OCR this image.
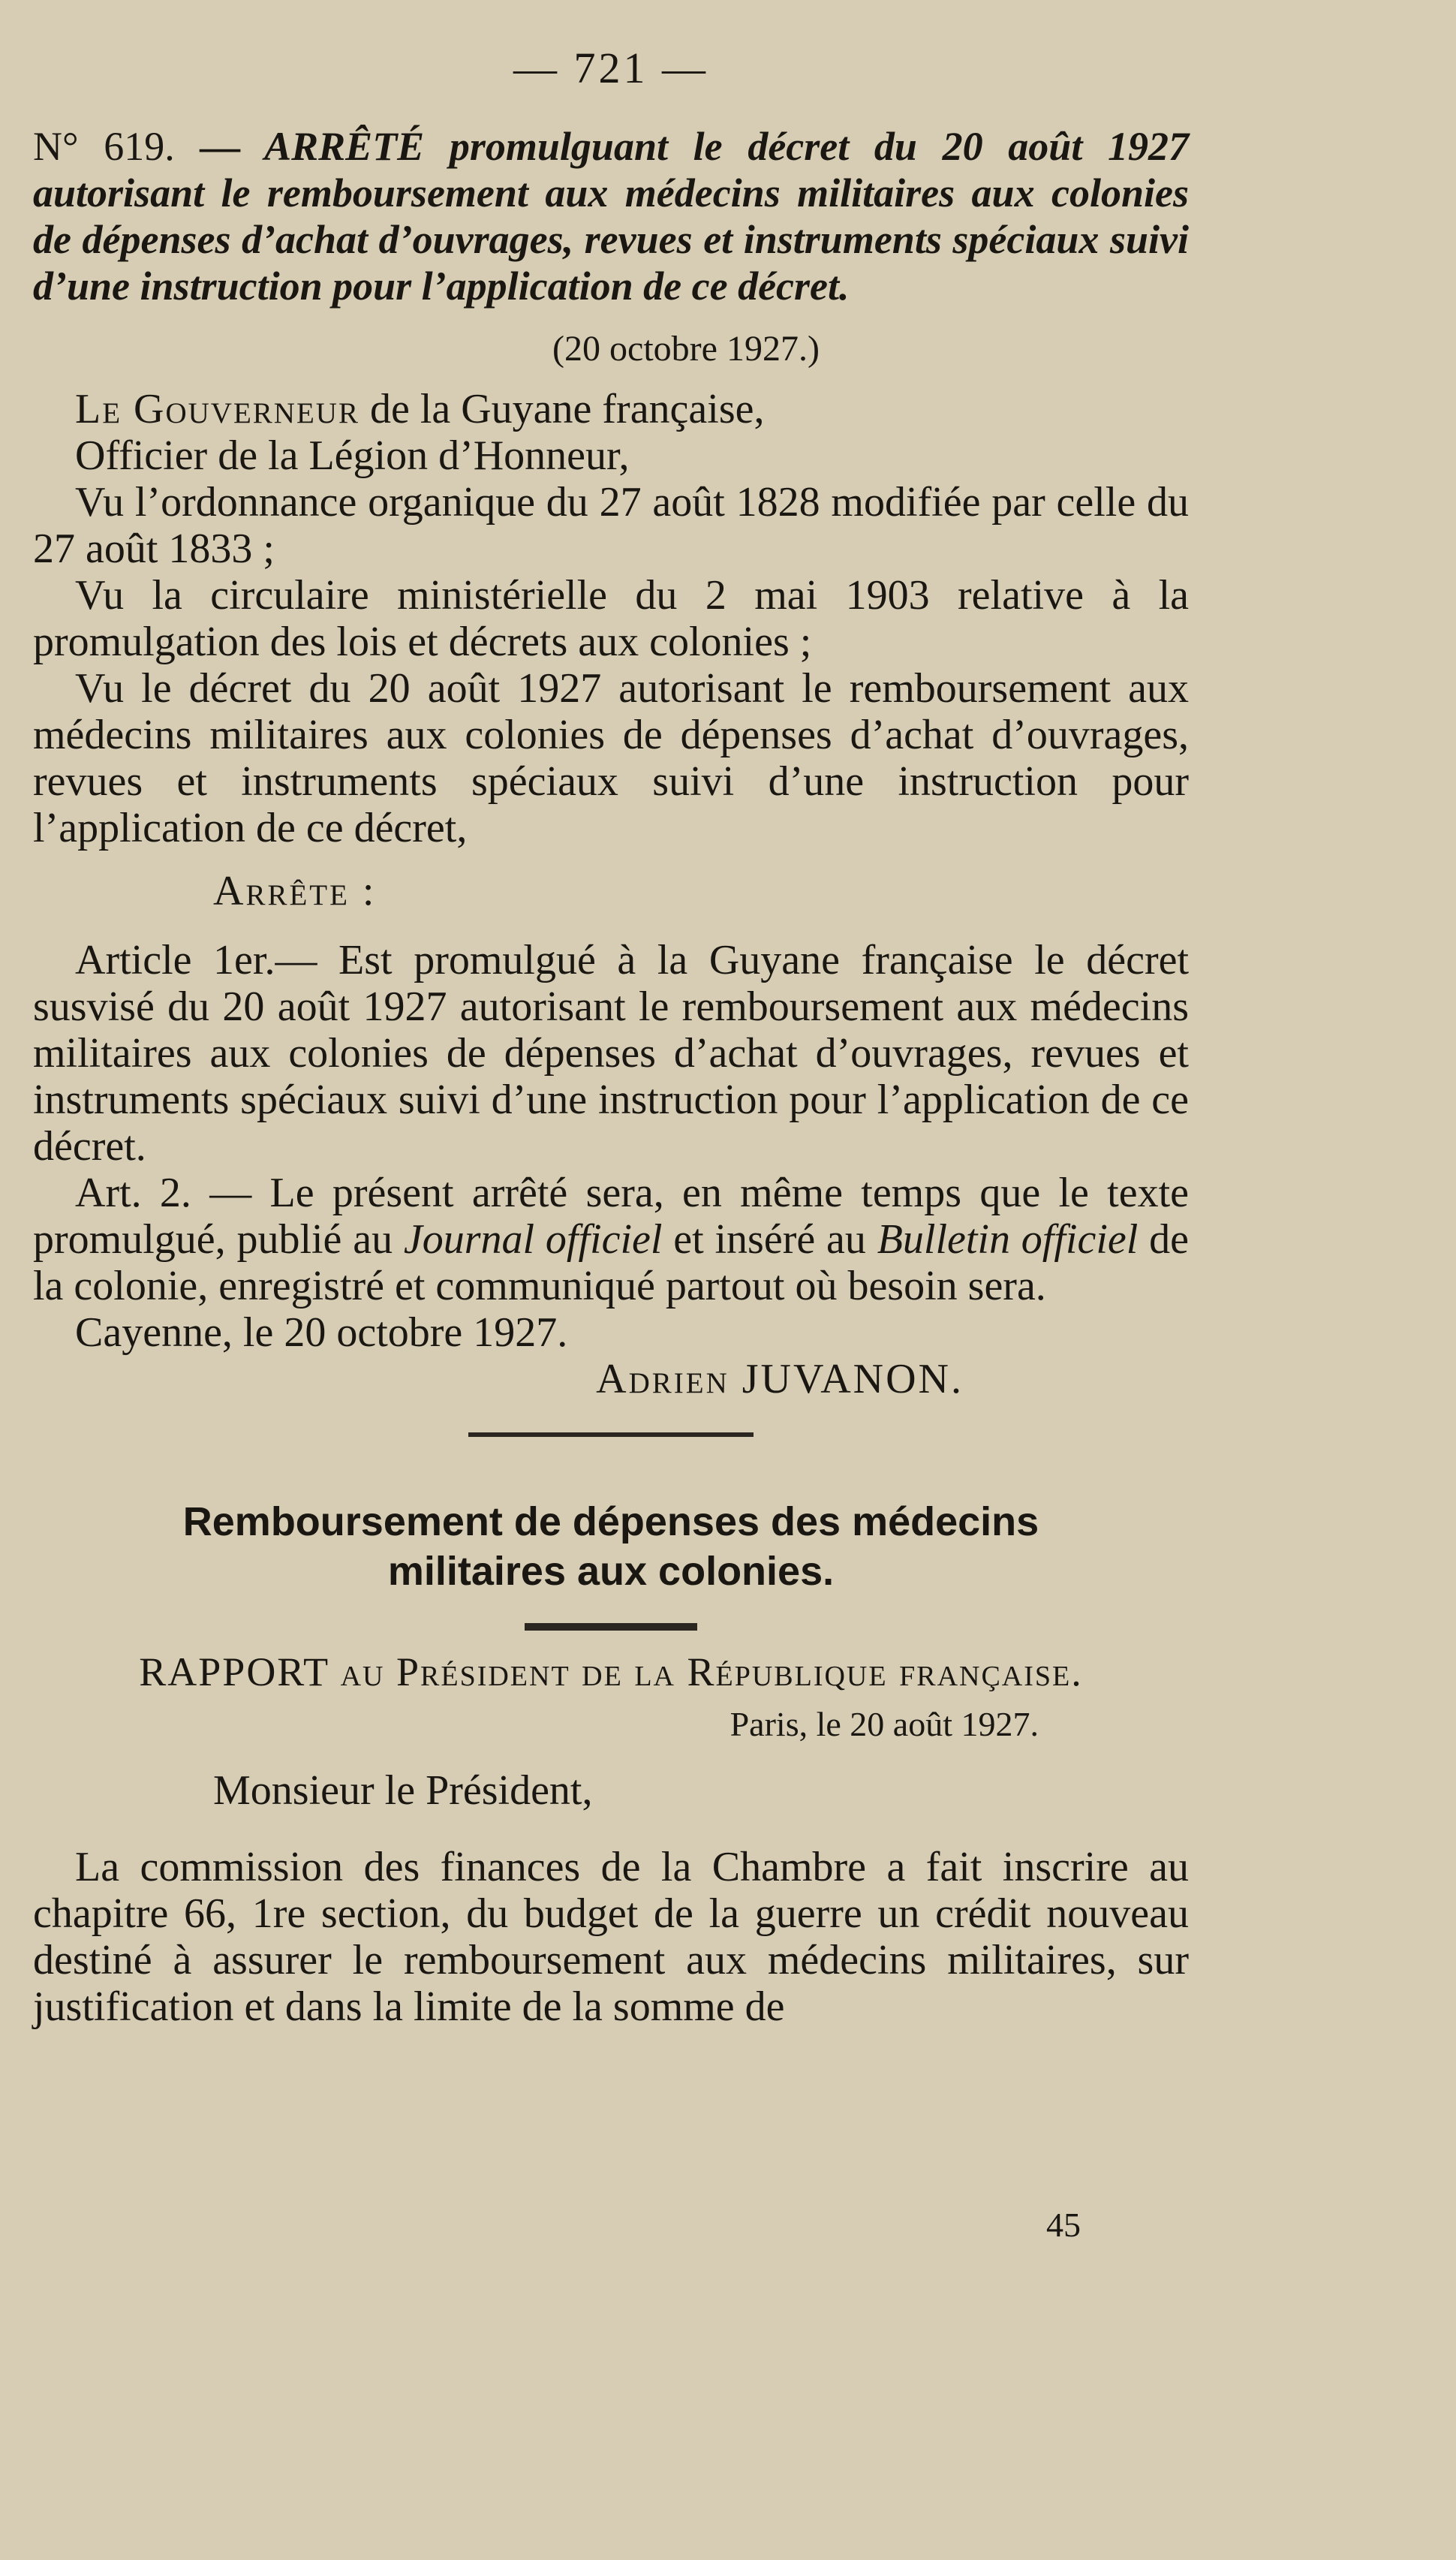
— 721 —

N° 619. — ARRÊTÉ promulguant le décret du 20 août 1927 autorisant le remboursement aux médecins militaires aux colonies de dépenses d’achat d’ouvrages, revues et instruments spéciaux suivi d’une instruction pour l’application de ce décret.

(20 octobre 1927.)

Le Gouverneur de la Guyane française,

Officier de la Légion d’Honneur,

Vu l’ordonnance organique du 27 août 1828 modifiée par celle du 27 août 1833 ;

Vu la circulaire ministérielle du 2 mai 1903 relative à la promulgation des lois et décrets aux colonies ;

Vu le décret du 20 août 1927 autorisant le remboursement aux médecins militaires aux colonies de dépenses d’achat d’ouvrages, revues et instruments spéciaux suivi d’une instruction pour l’application de ce décret,

Arrête :

Article 1er.— Est promulgué à la Guyane française le décret susvisé du 20 août 1927 autorisant le remboursement aux médecins militaires aux colonies de dépenses d’achat d’ouvrages, revues et instruments spéciaux suivi d’une instruction pour l’application de ce décret.

Art. 2. — Le présent arrêté sera, en même temps que le texte promulgué, publié au Journal officiel et inséré au Bulletin officiel de la colonie, enregistré et communiqué partout où besoin sera.

Cayenne, le 20 octobre 1927.

Adrien JUVANON.

Remboursement de dépenses des médecins

militaires aux colonies.

RAPPORT au Président de la République française.

Paris, le 20 août 1927.
Monsieur le Président,

La commission des finances de la Chambre a fait inscrire au chapitre 66, 1re section, du budget de la guerre un crédit nouveau destiné à assurer le remboursement aux médecins militaires, sur justification et dans la limite de la somme de

45
